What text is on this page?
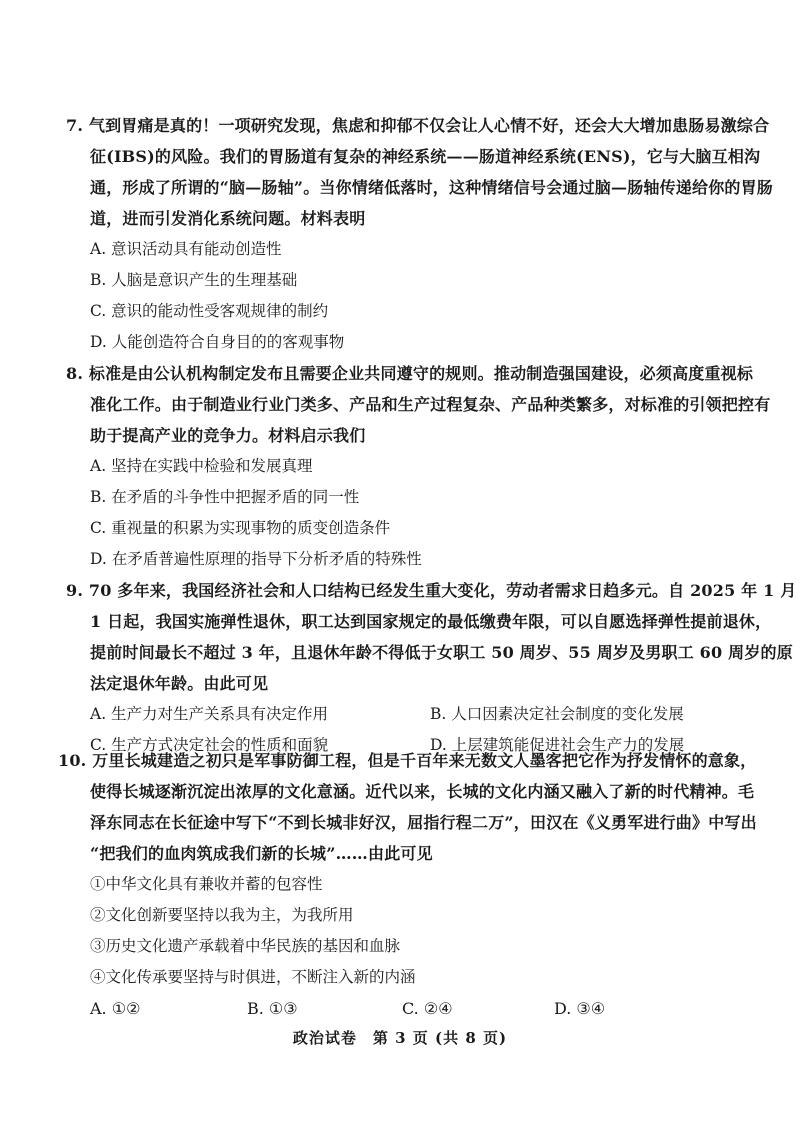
7. 气到胃痛是真的！一项研究发现，焦虑和抑郁不仅会让人心情不好，还会大大增加患肠易激综合
征(IBS)的风险。我们的胃肠道有复杂的神经系统——肠道神经系统(ENS)，它与大脑互相沟
通，形成了所谓的“脑—肠轴”。当你情绪低落时，这种情绪信号会通过脑—肠轴传递给你的胃肠
道，进而引发消化系统问题。材料表明
A. 意识活动具有能动创造性
B. 人脑是意识产生的生理基础
C. 意识的能动性受客观规律的制约
D. 人能创造符合自身目的的客观事物
8. 标准是由公认机构制定发布且需要企业共同遵守的规则。推动制造强国建设，必须高度重视标
准化工作。由于制造业行业门类多、产品和生产过程复杂、产品种类繁多，对标准的引领把控有
助于提高产业的竞争力。材料启示我们
A. 坚持在实践中检验和发展真理
B. 在矛盾的斗争性中把握矛盾的同一性
C. 重视量的积累为实现事物的质变创造条件
D. 在矛盾普遍性原理的指导下分析矛盾的特殊性
9. 70 多年来，我国经济社会和人口结构已经发生重大变化，劳动者需求日趋多元。自 2025 年 1 月
1 日起，我国实施弹性退休，职工达到国家规定的最低缴费年限，可以自愿选择弹性提前退休，
提前时间最长不超过 3 年，且退休年龄不得低于女职工 50 周岁、55 周岁及男职工 60 周岁的原
法定退休年龄。由此可见
A. 生产力对生产关系具有决定作用	B. 人口因素决定社会制度的变化发展
C. 生产方式决定社会的性质和面貌	D. 上层建筑能促进社会生产力的发展
10. 万里长城建造之初只是军事防御工程，但是千百年来无数文人墨客把它作为抒发情怀的意象，
使得长城逐渐沉淀出浓厚的文化意涵。近代以来，长城的文化内涵又融入了新的时代精神。毛
泽东同志在长征途中写下“不到长城非好汉，屈指行程二万”，田汉在《义勇军进行曲》中写出
“把我们的血肉筑成我们新的长城”……由此可见
①中华文化具有兼收并蓄的包容性
②文化创新要坚持以我为主，为我所用
③历史文化遗产承载着中华民族的基因和血脉
④文化传承要坚持与时俱进，不断注入新的内涵
A. ①②	B. ①③	C. ②④	D. ③④
政治试卷　第 3 页 (共 8 页)
